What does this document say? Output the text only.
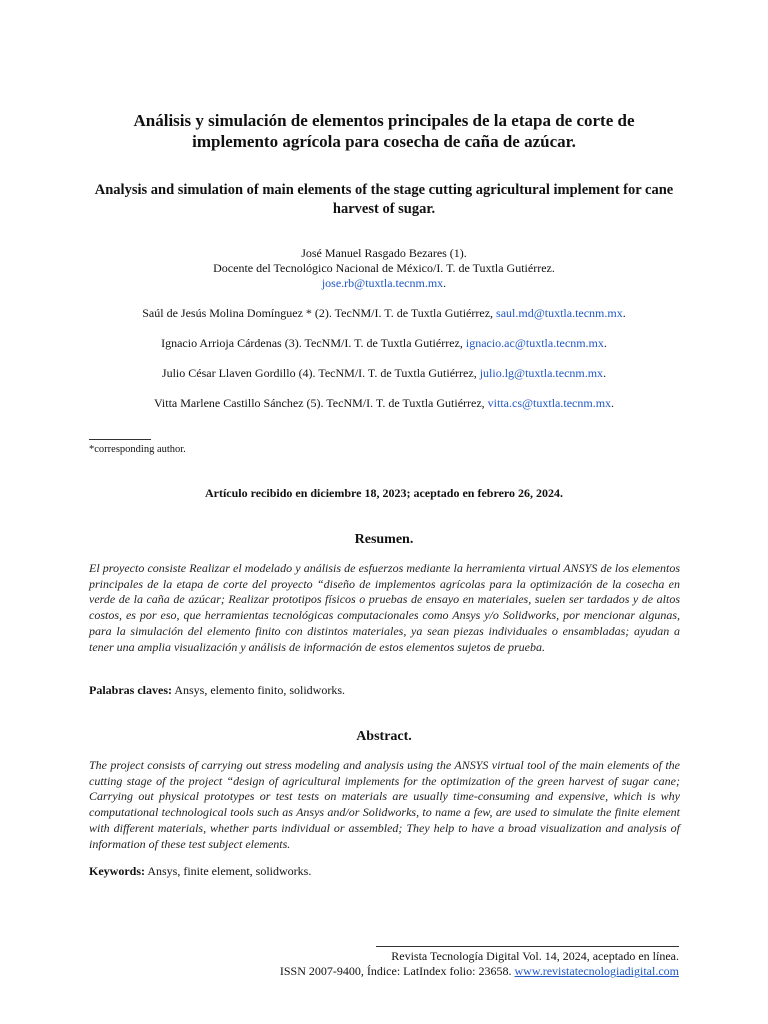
Análisis y simulación de elementos principales de la etapa de corte de implemento agrícola para cosecha de caña de azúcar.
Analysis and simulation of main elements of the stage cutting agricultural implement for cane harvest of sugar.

José Manuel Rasgado Bezares (1).

Docente del Tecnológico Nacional de México/I. T. de Tuxtla Gutiérrez.

jose.rb@tuxtla.tecnm.mx.

Saúl de Jesús Molina Domínguez * (2). TecNM/I. T. de Tuxtla Gutiérrez, saul.md@tuxtla.tecnm.mx.

Ignacio Arrioja Cárdenas (3). TecNM/I. T. de Tuxtla Gutiérrez, ignacio.ac@tuxtla.tecnm.mx.

Julio César Llaven Gordillo (4). TecNM/I. T. de Tuxtla Gutiérrez, julio.lg@tuxtla.tecnm.mx.

Vitta Marlene Castillo Sánchez (5). TecNM/I. T. de Tuxtla Gutiérrez, vitta.cs@tuxtla.tecnm.mx.

*corresponding author.
Artículo recibido en diciembre 18, 2023; aceptado en febrero 26, 2024.
Resumen.
El proyecto consiste Realizar el modelado y análisis de esfuerzos mediante la herramienta virtual ANSYS de los elementos principales de la etapa de corte del proyecto “diseño de implementos agrícolas para la optimización de la cosecha en verde de la caña de azúcar; Realizar prototipos físicos o pruebas de ensayo en materiales, suelen ser tardados y de altos costos, es por eso, que herramientas tecnológicas computacionales como Ansys y/o Solidworks, por mencionar algunas, para la simulación del elemento finito con distintos materiales, ya sean piezas individuales o ensambladas; ayudan a tener una amplia visualización y análisis de información de estos elementos sujetos de prueba.
Palabras claves: Ansys, elemento finito, solidworks.
Abstract.
The project consists of carrying out stress modeling and analysis using the ANSYS virtual tool of the main elements of the cutting stage of the project “design of agricultural implements for the optimization of the green harvest of sugar cane; Carrying out physical prototypes or test tests on materials are usually time-consuming and expensive, which is why computational technological tools such as Ansys and/or Solidworks, to name a few, are used to simulate the finite element with different materials, whether parts individual or assembled; They help to have a broad visualization and analysis of information of these test subject elements.
Keywords: Ansys, finite element, solidworks.
Revista Tecnología Digital Vol. 14, 2024, aceptado en línea.
ISSN 2007-9400, Índice: LatIndex folio: 23658. www.revistatecnologiadigital.com
